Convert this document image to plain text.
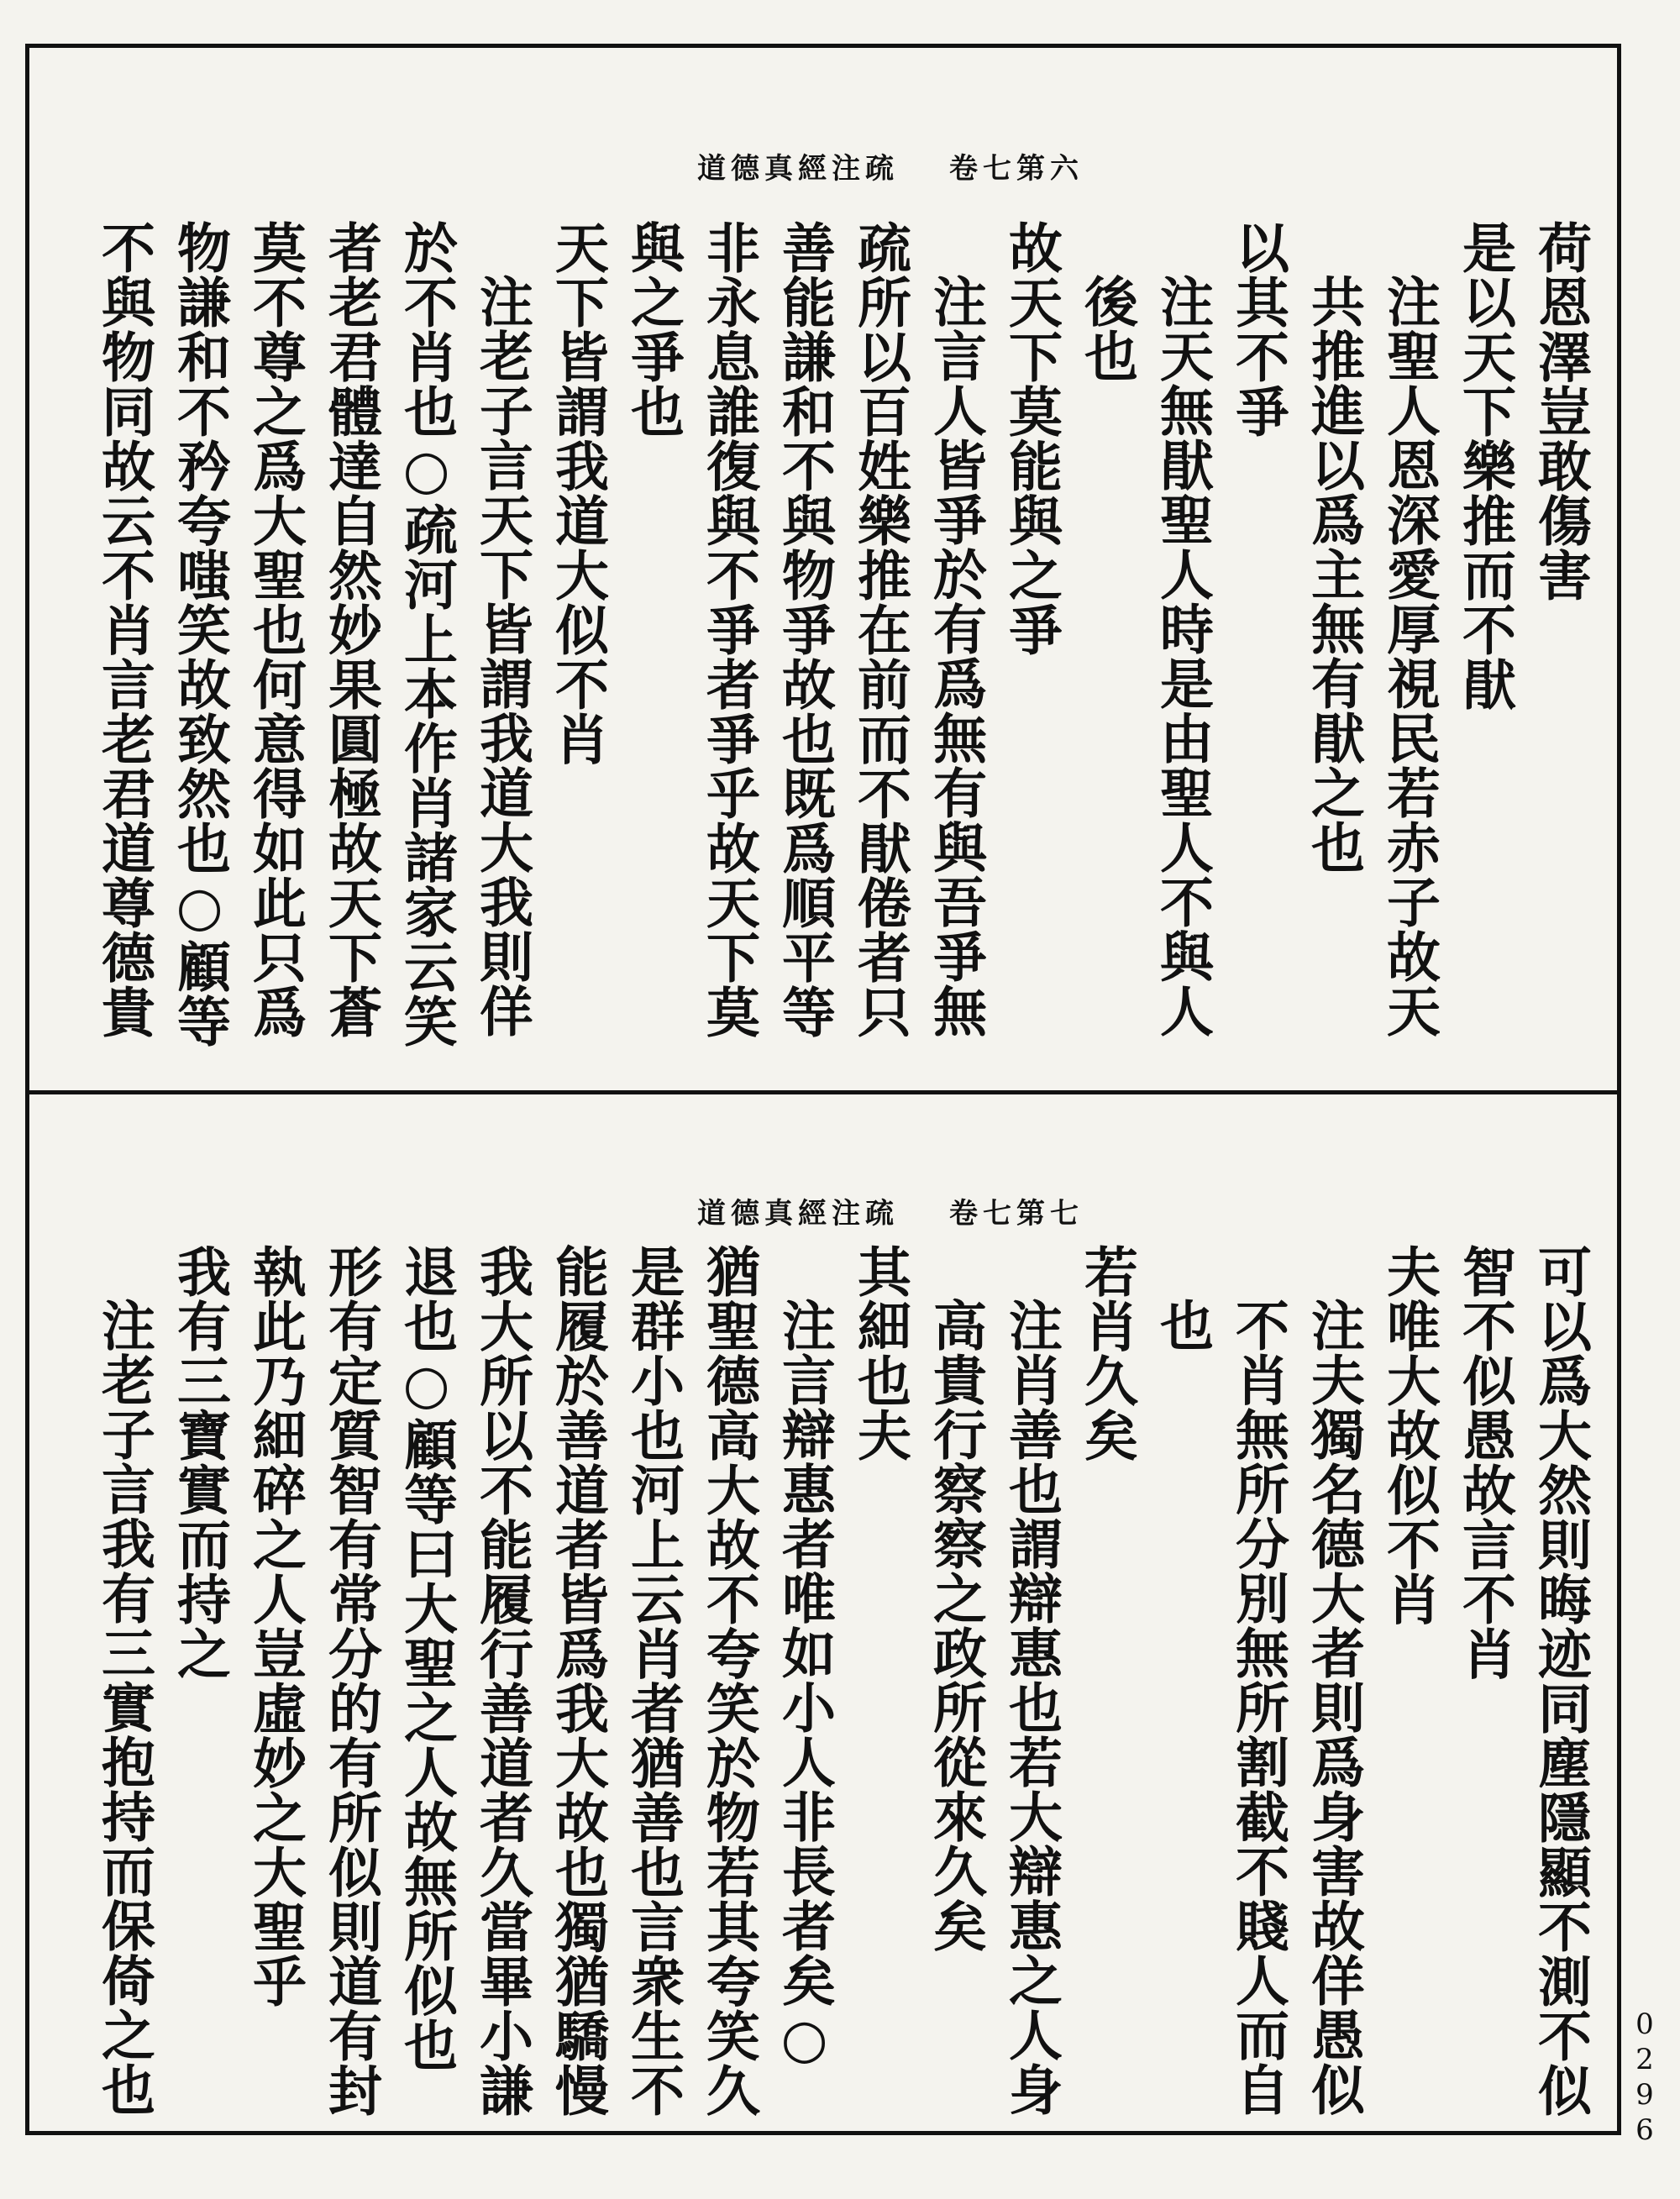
道德真經注疏 卷七第六
荷恩澤豈敢傷害
是以天下樂推而不猒
注聖人恩深愛厚視民若赤子故天
共推進以爲主無有猒之也
以其不爭
注天無猒聖人時是由聖人不與人
後也
故天下莫能與之爭
注言人皆爭於有爲無有與吾爭無
疏所以百姓樂推在前而不猒倦者只
善能謙和不與物爭故也既爲順平等
非永息誰復與不爭者爭乎故天下莫
與之爭也
天下皆謂我道大似不肖
注老子言天下皆謂我道大我則佯
於不肖也○疏河上本作肖諸家云笑
者老君體達自然妙果圓極故天下蒼
莫不尊之爲大聖也何意得如此只爲
物謙和不矜夸嗤笑故致然也○顧等
不與物同故云不肖言老君道尊德貴
道德真經注疏 卷七第七
可以爲大然則晦迹同塵隱顯不測不似
智不似愚故言不肖
夫唯大故似不肖
注夫獨名德大者則爲身害故佯愚似
不肖無所分別無所割截不賤人而自
也
若肖久矣
注肖善也謂辯惠也若大辯惠之人身
高貴行察察之政所從來久矣
其細也夫
注言辯惠者唯如小人非長者矣○
猶聖德高大故不夸笑於物若其夸笑久
是群小也河上云肖者猶善也言衆生不
能履於善道者皆爲我大故也獨猶驕慢
我大所以不能履行善道者久當畢小謙
退也○顧等曰大聖之人故無所似也
形有定質智有常分的有所似則道有封
執此乃細碎之人豈虛妙之大聖乎
我有三寶實而持之
注老子言我有三實抱持而保倚之也	0296
